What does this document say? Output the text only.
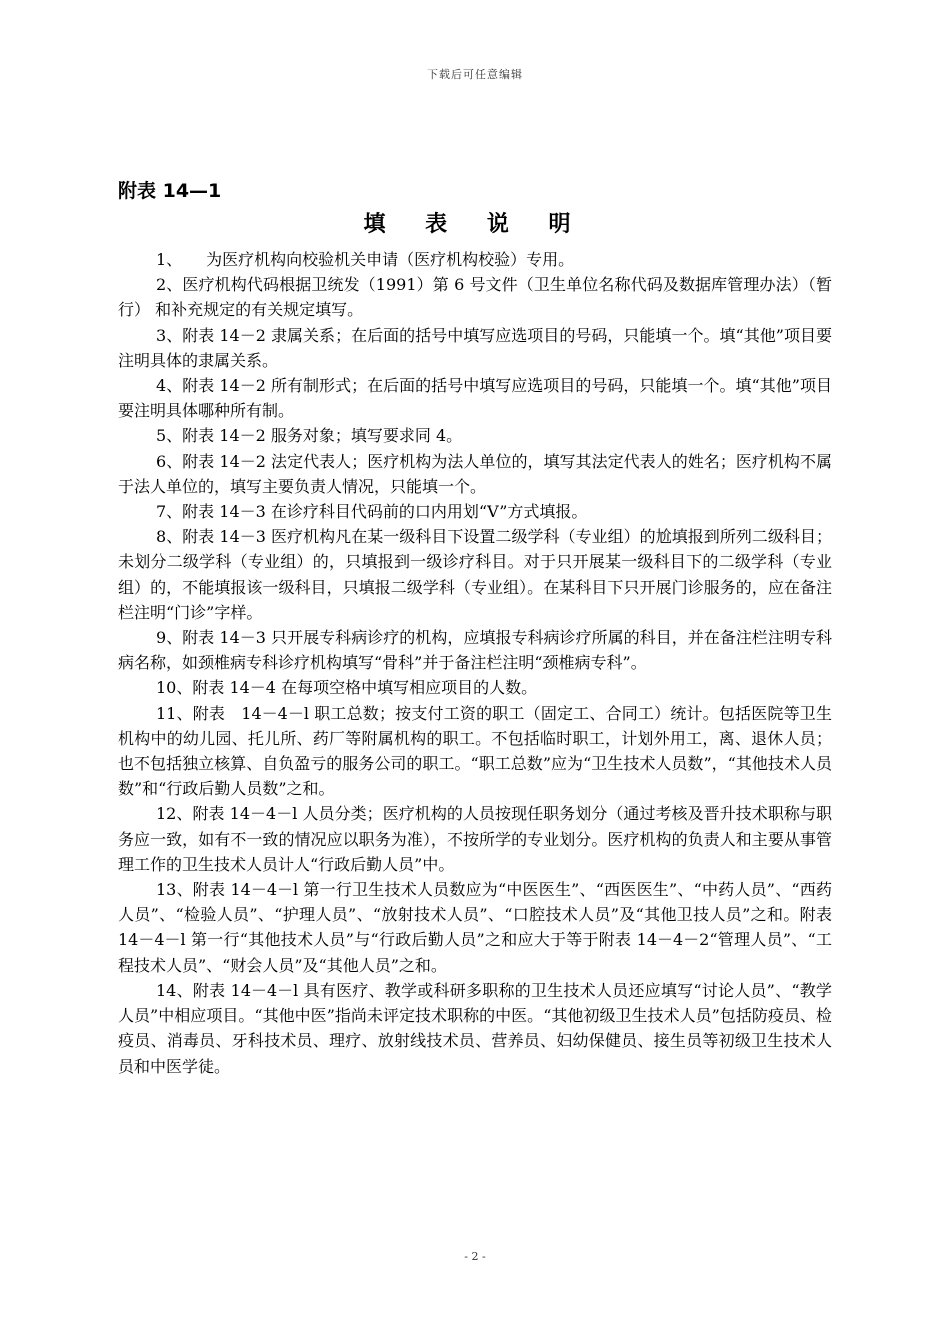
下载后可任意编辑
附表 14—1
填 表 说 明

1、　　为医疗机构向校验机关申请（医疗机构校验）专用。

2、医疗机构代码根据卫统发（1991）第 6 号文件（卫生单位名称代码及数据库管理办法）（暂行） 和补充规定的有关规定填写。

3、附表 14－2 隶属关系；在后面的括号中填写应选项目的号码，只能填一个。填“其他”项目要注明具体的隶属关系。

4、附表 14－2 所有制形式；在后面的括号中填写应选项目的号码，只能填一个。填“其他”项目要注明具体哪种所有制。

5、附表 14－2 服务对象；填写要求同 4。

6、附表 14－2 法定代表人；医疗机构为法人单位的，填写其法定代表人的姓名；医疗机构不属于法人单位的，填写主要负责人情况，只能填一个。

7、附表 14－3 在诊疗科目代码前的口内用划“V”方式填报。

8、附表 14－3 医疗机构凡在某一级科目下设置二级学科（专业组）的尬填报到所列二级科目；未划分二级学科（专业组）的，只填报到一级诊疗科目。对于只开展某一级科目下的二级学科（专业组）的，不能填报该一级科目，只填报二级学科（专业组）。在某科目下只开展门诊服务的，应在备注栏注明“门诊”字样。

9、附表 14－3 只开展专科病诊疗的机构，应填报专科病诊疗所属的科目，并在备注栏注明专科病名称，如颈椎病专科诊疗机构填写“骨科”并于备注栏注明“颈椎病专科”。

10、附表 14－4 在每项空格中填写相应项目的人数。

11、附表　14－4－l 职工总数；按支付工资的职工（固定工、合同工）统计。包括医院等卫生机构中的幼儿园、托儿所、药厂等附属机构的职工。不包括临时职工，计划外用工，离、退休人员；也不包括独立核算、自负盈亏的服务公司的职工。“职工总数”应为“卫生技术人员数”，“其他技术人员数”和“行政后勤人员数”之和。

12、附表 14－4－l 人员分类；医疗机构的人员按现任职务划分（通过考核及晋升技术职称与职务应一致，如有不一致的情况应以职务为准），不按所学的专业划分。医疗机构的负责人和主要从事管理工作的卫生技术人员计人“行政后勤人员”中。

13、附表 14－4－l 第一行卫生技术人员数应为“中医医生”、“西医医生”、“中药人员”、“西药人员”、“检验人员”、“护理人员”、“放射技术人员”、“口腔技术人员”及“其他卫技人员”之和。附表 14－4－l 第一行“其他技术人员”与“行政后勤人员”之和应大于等于附表 14－4－2“管理人员”、“工程技术人员”、“财会人员”及“其他人员”之和。

14、附表 14－4－l 具有医疗、教学或科研多职称的卫生技术人员还应填写“讨论人员”、“教学人员”中相应项目。“其他中医”指尚未评定技术职称的中医。“其他初级卫生技术人员”包括防疫员、检疫员、消毒员、牙科技术员、理疗、放射线技术员、营养员、妇幼保健员、接生员等初级卫生技术人员和中医学徒。

- 2 -
